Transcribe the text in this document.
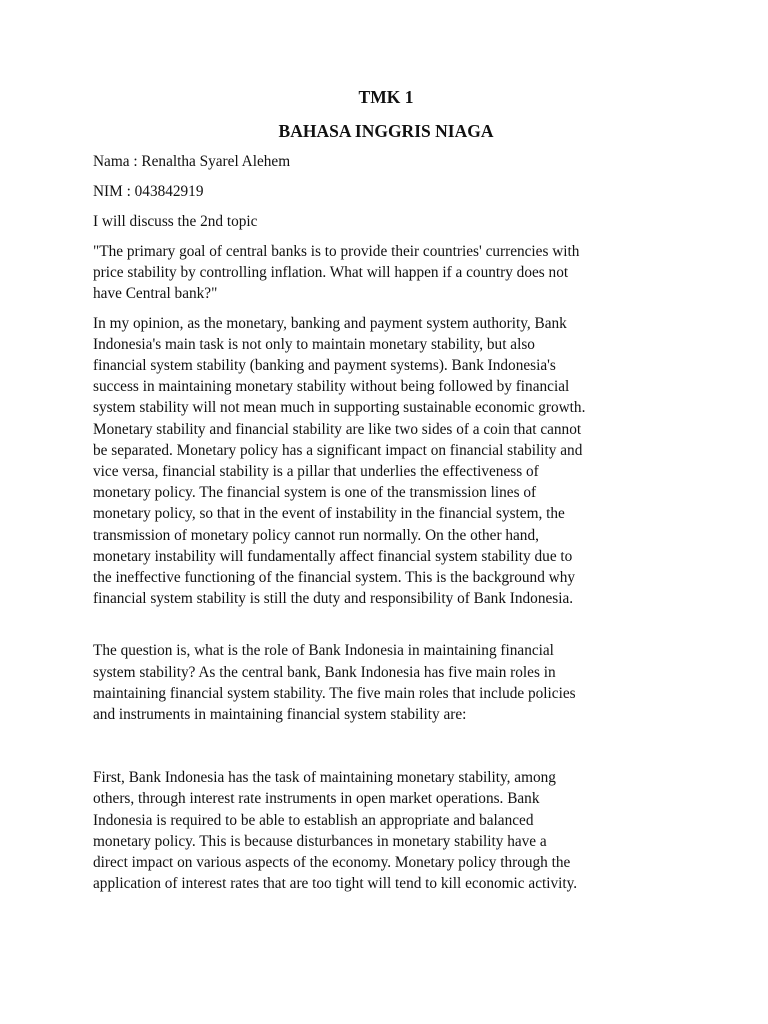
TMK 1
BAHASA INGGRIS NIAGA

Nama : Renaltha Syarel Alehem

NIM : 043842919

I will discuss the 2nd topic

"The primary goal of central banks is to provide their countries' currencies with
price stability by controlling inflation. What will happen if a country does not
have Central bank?"

In my opinion, as the monetary, banking and payment system authority, Bank
Indonesia's main task is not only to maintain monetary stability, but also
financial system stability (banking and payment systems). Bank Indonesia's
success in maintaining monetary stability without being followed by financial
system stability will not mean much in supporting sustainable economic growth.
Monetary stability and financial stability are like two sides of a coin that cannot
be separated. Monetary policy has a significant impact on financial stability and
vice versa, financial stability is a pillar that underlies the effectiveness of
monetary policy. The financial system is one of the transmission lines of
monetary policy, so that in the event of instability in the financial system, the
transmission of monetary policy cannot run normally. On the other hand,
monetary instability will fundamentally affect financial system stability due to
the ineffective functioning of the financial system. This is the background why
financial system stability is still the duty and responsibility of Bank Indonesia.

The question is, what is the role of Bank Indonesia in maintaining financial
system stability? As the central bank, Bank Indonesia has five main roles in
maintaining financial system stability. The five main roles that include policies
and instruments in maintaining financial system stability are:

First, Bank Indonesia has the task of maintaining monetary stability, among
others, through interest rate instruments in open market operations. Bank
Indonesia is required to be able to establish an appropriate and balanced
monetary policy. This is because disturbances in monetary stability have a
direct impact on various aspects of the economy. Monetary policy through the
application of interest rates that are too tight will tend to kill economic activity.
